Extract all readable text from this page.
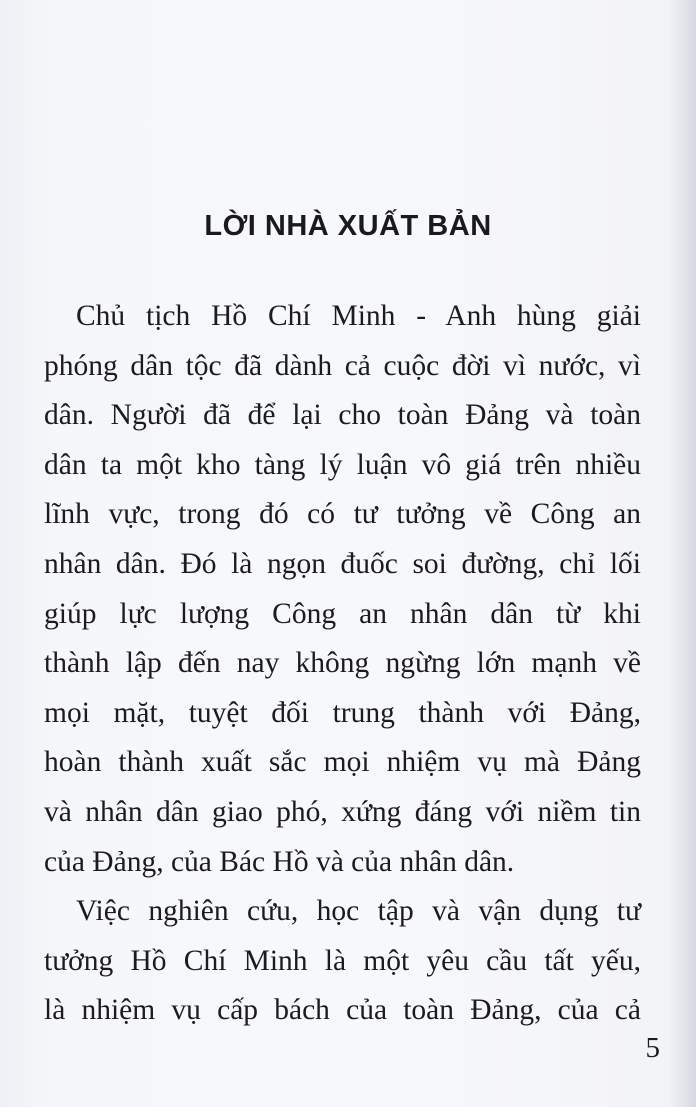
LỜI NHÀ XUẤT BẢN
Chủ tịch Hồ Chí Minh - Anh hùng giải
phóng dân tộc đã dành cả cuộc đời vì nước, vì
dân. Người đã để lại cho toàn Đảng và toàn
dân ta một kho tàng lý luận vô giá trên nhiều
lĩnh vực, trong đó có tư tưởng về Công an
nhân dân. Đó là ngọn đuốc soi đường, chỉ lối
giúp lực lượng Công an nhân dân từ khi
thành lập đến nay không ngừng lớn mạnh về
mọi mặt, tuyệt đối trung thành với Đảng,
hoàn thành xuất sắc mọi nhiệm vụ mà Đảng
và nhân dân giao phó, xứng đáng với niềm tin
của Đảng, của Bác Hồ và của nhân dân.
Việc nghiên cứu, học tập và vận dụng tư
tưởng Hồ Chí Minh là một yêu cầu tất yếu,
là nhiệm vụ cấp bách của toàn Đảng, của cả
5
